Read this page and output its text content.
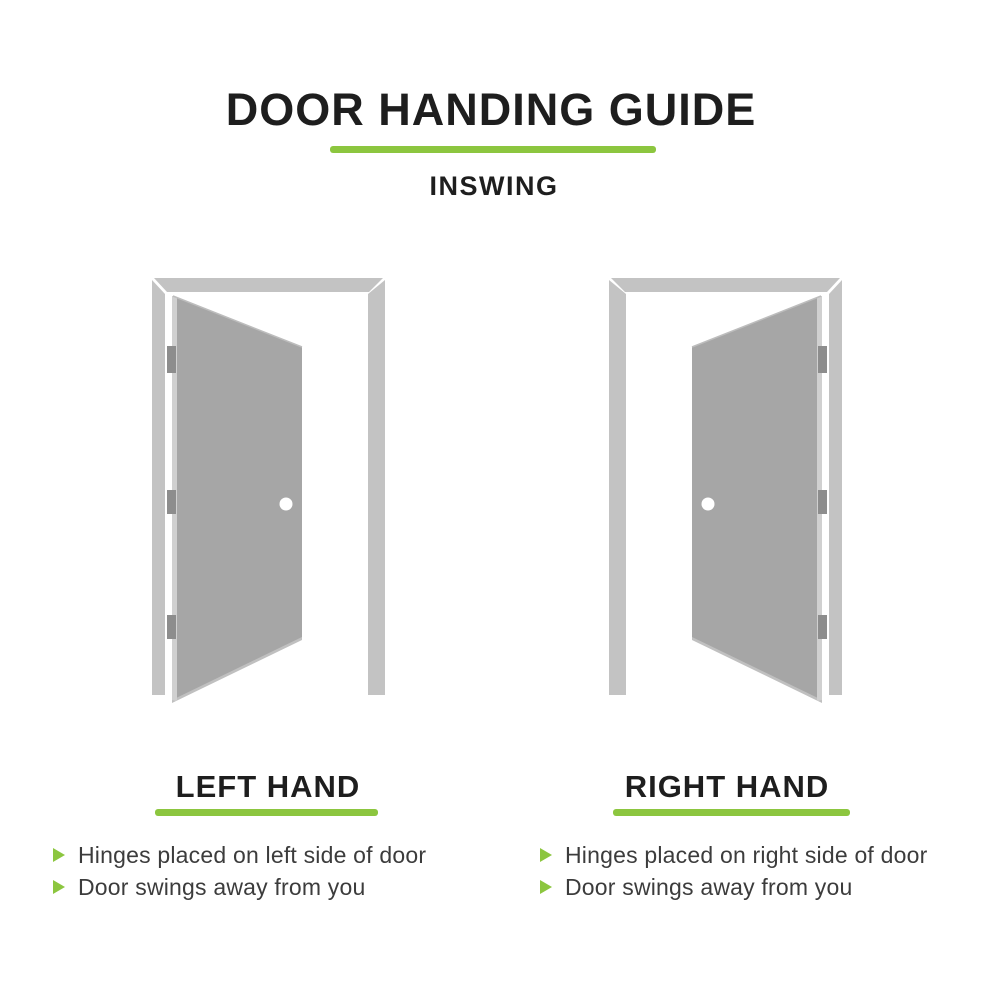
DOOR HANDING GUIDE
INSWING
LEFT HAND
Hinges placed on left side of door
Door swings away from you
RIGHT HAND
Hinges placed on right side of door
Door swings away from you
